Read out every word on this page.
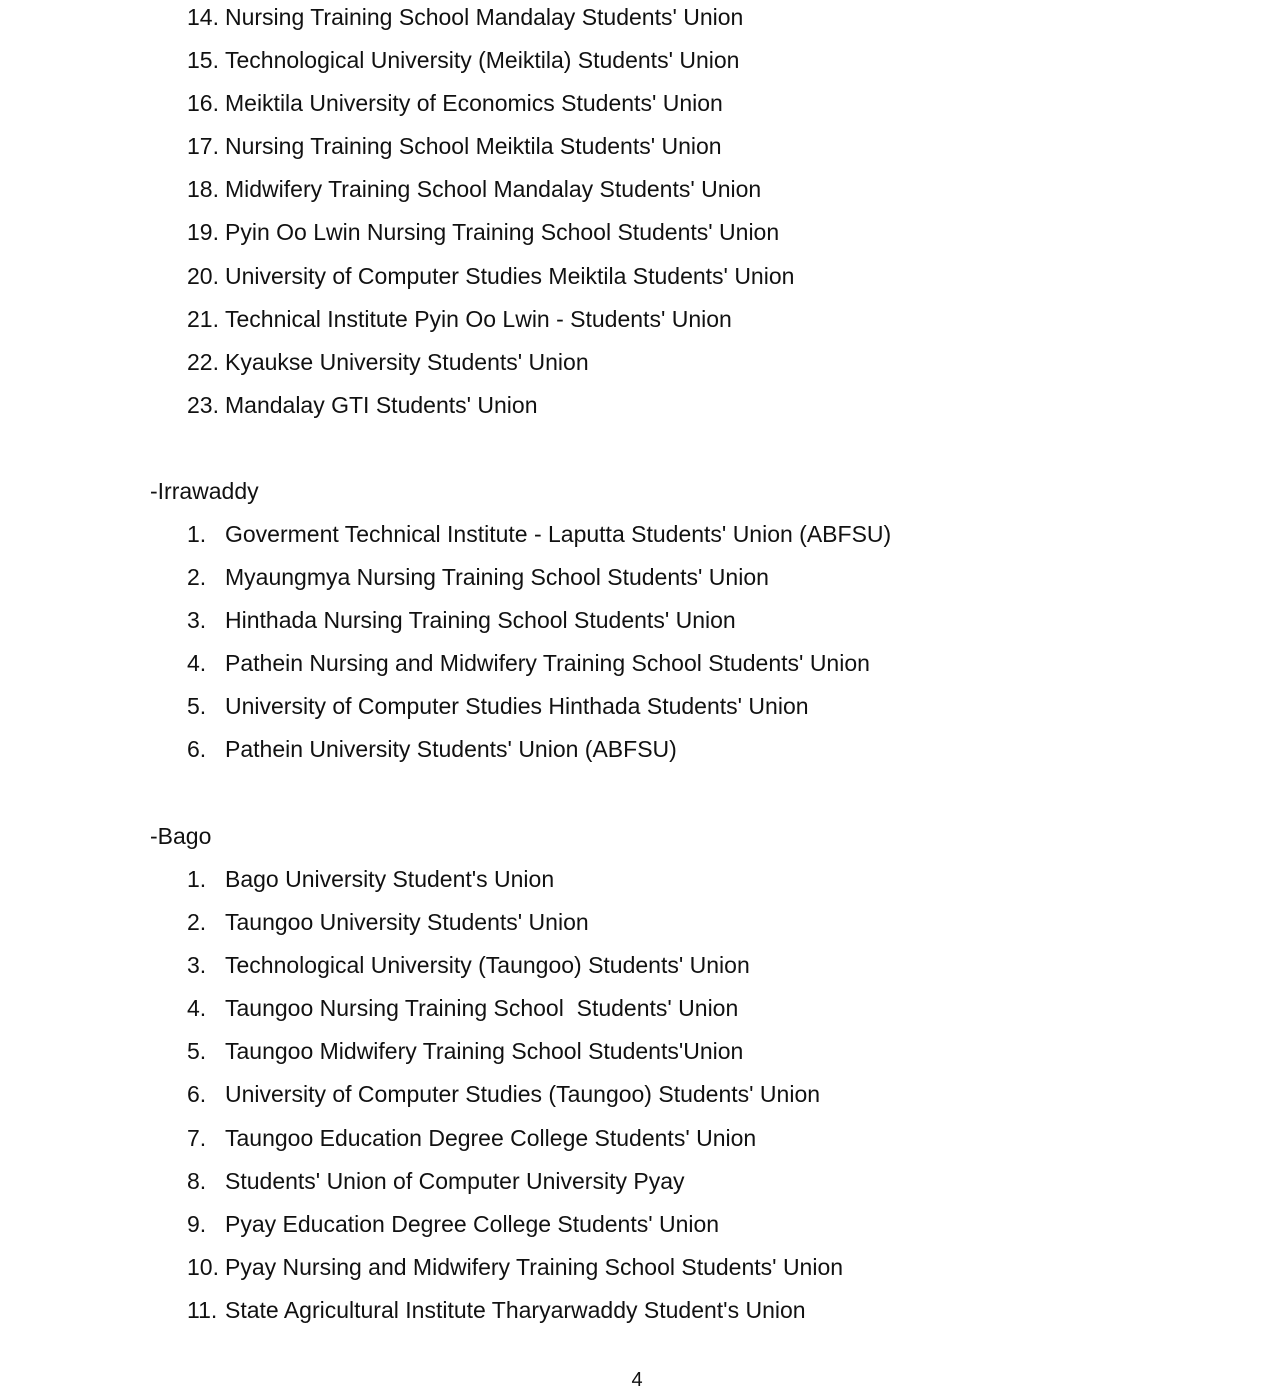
14. Nursing Training School Mandalay Students' Union
15. Technological University (Meiktila) Students' Union
16. Meiktila University of Economics Students' Union
17. Nursing Training School Meiktila Students' Union
18. Midwifery Training School Mandalay Students' Union
19. Pyin Oo Lwin Nursing Training School Students' Union
20. University of Computer Studies Meiktila Students' Union
21. Technical Institute Pyin Oo Lwin - Students' Union
22. Kyaukse University Students' Union
23. Mandalay GTI Students' Union
-Irrawaddy
1. Goverment Technical Institute - Laputta Students' Union (ABFSU)
2. Myaungmya Nursing Training School Students' Union
3. Hinthada Nursing Training School Students' Union
4. Pathein Nursing and Midwifery Training School Students' Union
5. University of Computer Studies Hinthada Students' Union
6. Pathein University Students' Union (ABFSU)
-Bago
1. Bago University Student's Union
2. Taungoo University Students' Union
3. Technological University (Taungoo) Students' Union
4. Taungoo Nursing Training School  Students' Union
5. Taungoo Midwifery Training School Students'Union
6. University of Computer Studies (Taungoo) Students' Union
7. Taungoo Education Degree College Students' Union
8. Students' Union of Computer University Pyay
9. Pyay Education Degree College Students' Union
10. Pyay Nursing and Midwifery Training School Students' Union
11. State Agricultural Institute Tharyarwaddy Student's Union
4
